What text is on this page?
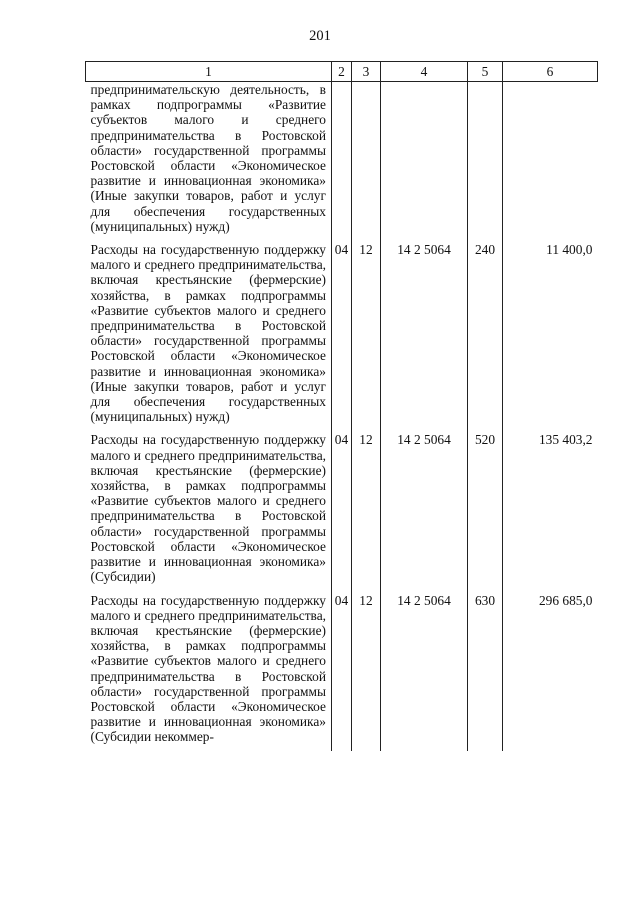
201
1	2	3	4	5	6
предпринимательскую деятельность, в рамках подпрограммы «Развитие субъектов малого и среднего предпринимательства в Ростовской области» государственной программы Ростовской области «Экономическое развитие и инновационная экономика» (Иные закупки товаров, работ и услуг для обеспечения государственных (муниципальных) нужд)					
Расходы на государственную поддержку малого и среднего предпринимательства, включая крестьянские (фермерские) хозяйства, в рамках подпрограммы «Развитие субъектов малого и среднего предпринимательства в Ростовской области» государственной программы Ростовской области «Экономическое развитие и инновационная экономика» (Иные закупки товаров, работ и услуг для обеспечения государственных (муниципальных) нужд)	04	12	14 2 5064	240	11 400,0
Расходы на государственную поддержку малого и среднего предпринимательства, включая крестьянские (фермерские) хозяйства, в рамках подпрограммы «Развитие субъектов малого и среднего предпринимательства в Ростовской области» государственной программы Ростовской области «Экономическое развитие и инновационная экономика» (Субсидии)	04	12	14 2 5064	520	135 403,2
Расходы на государственную поддержку малого и среднего предпринимательства, включая крестьянские (фермерские) хозяйства, в рамках подпрограммы «Развитие субъектов малого и среднего предпринимательства в Ростовской области» государственной программы Ростовской области «Экономическое развитие и инновационная экономика» (Субсидии некоммер-	04	12	14 2 5064	630	296 685,0
